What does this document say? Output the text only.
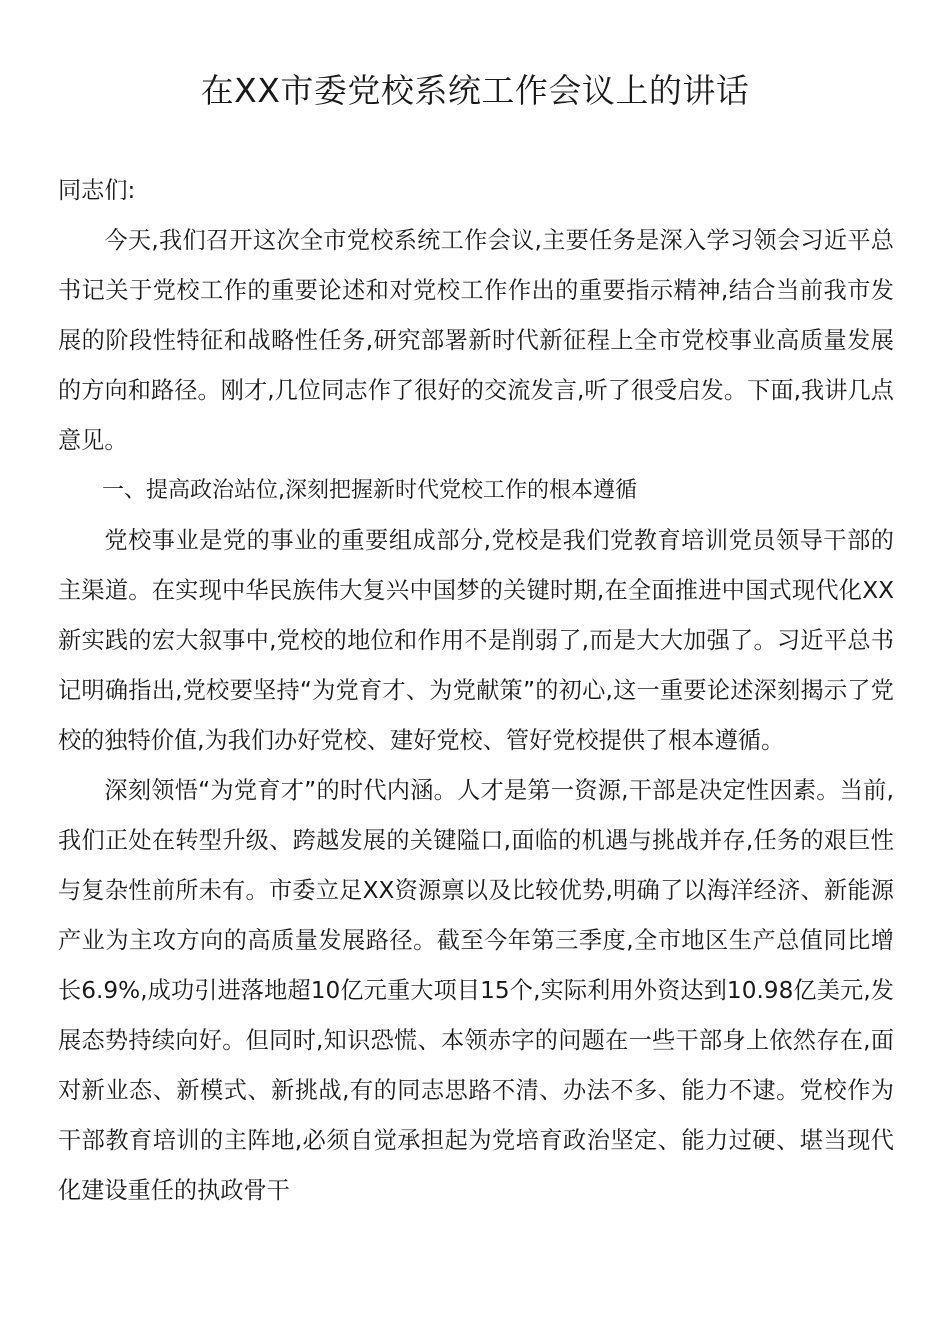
在XX市委党校系统工作会议上的讲话

同志们:

今天,我们召开这次全市党校系统工作会议,主要任务是深入学习领会习近平总书记关于党校工作的重要论述和对党校工作作出的重要指示精神,结合当前我市发展的阶段性特征和战略性任务,研究部署新时代新征程上全市党校事业高质量发展的方向和路径。刚才,几位同志作了很好的交流发言,听了很受启发。下面,我讲几点意见。

一、提高政治站位,深刻把握新时代党校工作的根本遵循

党校事业是党的事业的重要组成部分,党校是我们党教育培训党员领导干部的主渠道。在实现中华民族伟大复兴中国梦的关键时期,在全面推进中国式现代化XX新实践的宏大叙事中,党校的地位和作用不是削弱了,而是大大加强了。习近平总书记明确指出,党校要坚持“为党育才、为党献策”的初心,这一重要论述深刻揭示了党校的独特价值,为我们办好党校、建好党校、管好党校提供了根本遵循。

深刻领悟“为党育才”的时代内涵。人才是第一资源,干部是决定性因素。当前,我们正处在转型升级、跨越发展的关键隘口,面临的机遇与挑战并存,任务的艰巨性与复杂性前所未有。市委立足XX资源禀以及比较优势,明确了以海洋经济、新能源产业为主攻方向的高质量发展路径。截至今年第三季度,全市地区生产总值同比增长6.9%,成功引进落地超10亿元重大项目15个,实际利用外资达到10.98亿美元,发展态势持续向好。但同时,知识恐慌、本领赤字的问题在一些干部身上依然存在,面对新业态、新模式、新挑战,有的同志思路不清、办法不多、能力不逮。党校作为干部教育培训的主阵地,必须自觉承担起为党培育政治坚定、能力过硬、堪当现代化建设重任的执政骨干
